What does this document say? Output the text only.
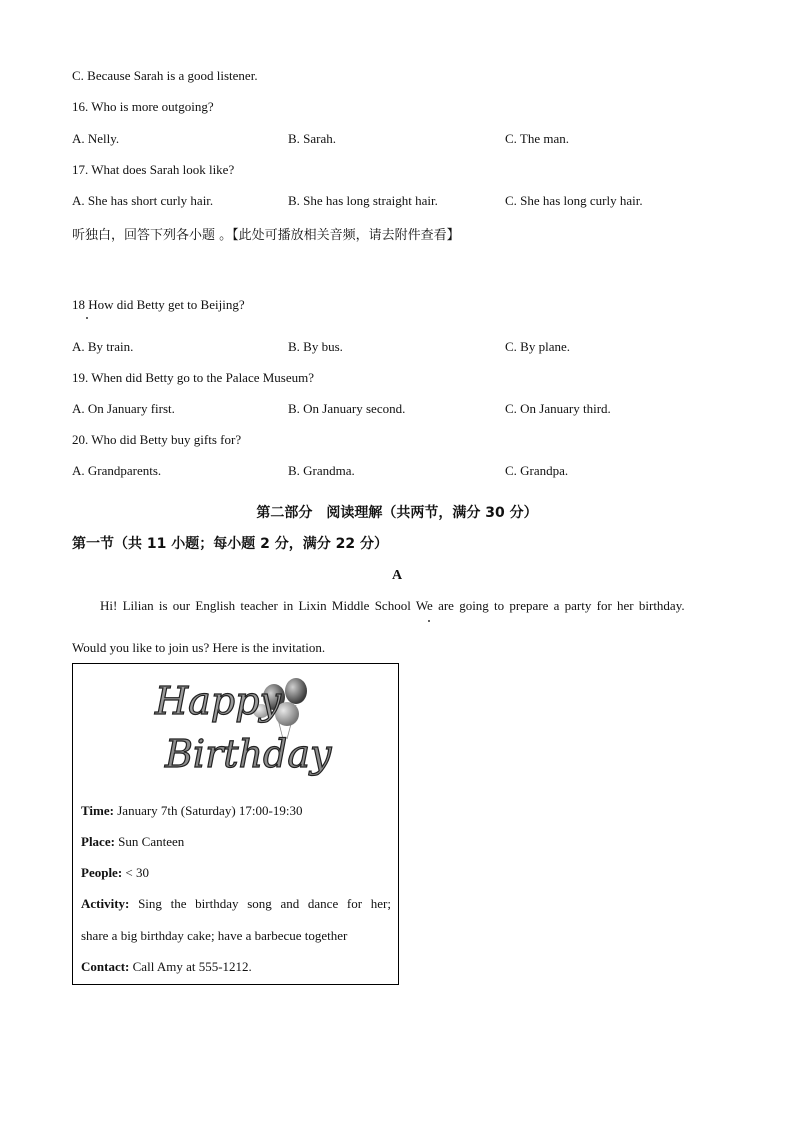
C. Because Sarah is a good listener.
16. Who is more outgoing?
A. Nelly.	B. Sarah.	C. The man.
17. What does Sarah look like?
A. She has short curly hair.	B. She has long straight hair.	C. She has long curly hair.
听独白，回答下列各小题 。【此处可播放相关音频，请去附件查看】
18 How did Betty get to Beijing?
A. By train.	B. By bus.	C. By plane.
19. When did Betty go to the Palace Museum?
A. On January first.	B. On January second.	C. On January third.
20. Who did Betty buy gifts for?
A. Grandparents.	B. Grandma.	C. Grandpa.
第二部分　阅读理解（共两节，满分 30 分）
第一节（共 11 小题；每小题 2 分，满分 22 分）
A
Hi! Lilian is our English teacher in Lixin Middle School We are going to prepare a party for her birthday.
Would you like to join us? Here is the invitation.
Happy
Birthday
Time: January 7th (Saturday) 17:00-19:30
Place: Sun Canteen
People: < 30
Activity: Sing the birthday song and dance for her;
share a big birthday cake; have a barbecue together
Contact: Call Amy at 555-1212.
